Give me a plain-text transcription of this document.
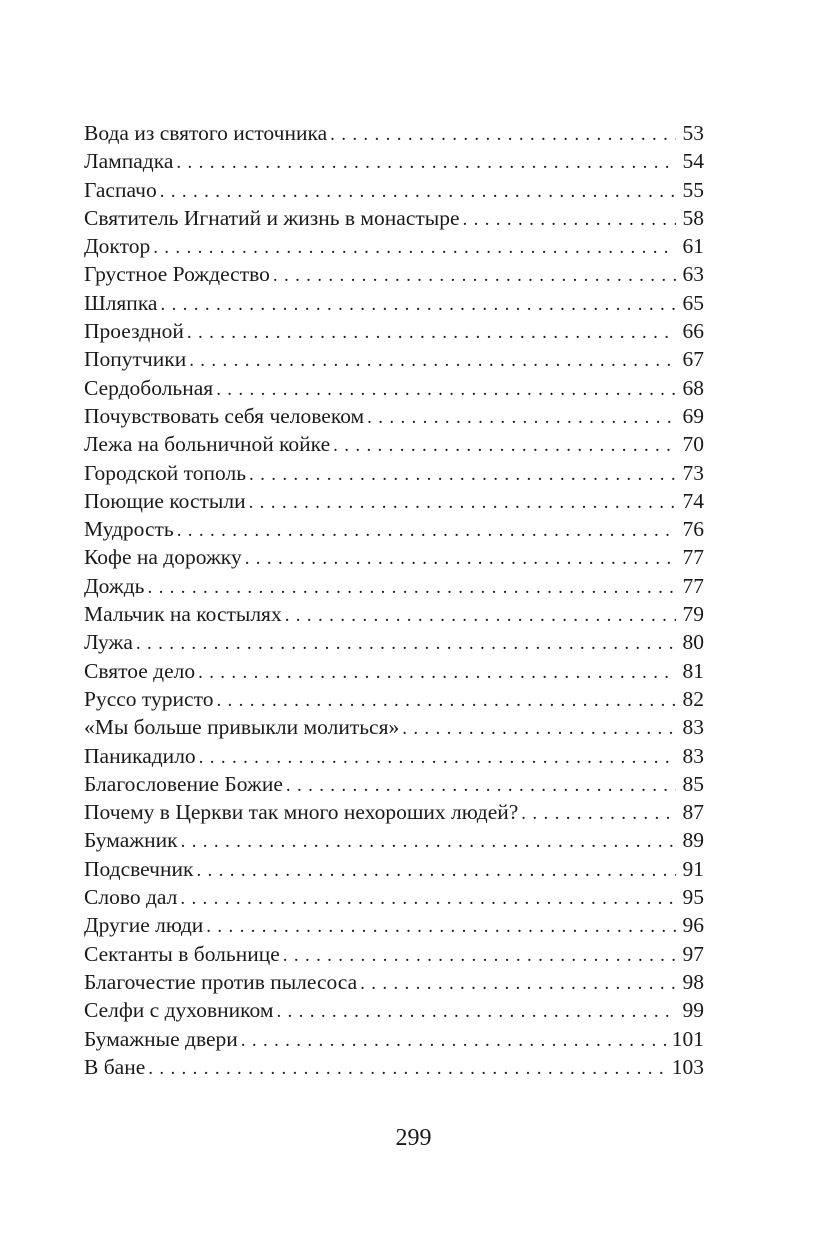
Вода из святого источника . . .	53
Лампадка . . .	54
Гаспачо . . .	55
Святитель Игнатий и жизнь в монастыре . . .	58
Доктор . . .	61
Грустное Рождество . . .	63
Шляпка . . .	65
Проездной . . .	66
Попутчики . . .	67
Сердобольная . . .	68
Почувствовать себя человеком . . .	69
Лежа на больничной койке . . .	70
Городской тополь . . .	73
Поющие костыли . . .	74
Мудрость . . .	76
Кофе на дорожку . . .	77
Дождь . . .	77
Мальчик на костылях . . .	79
Лужа . . .	80
Святое дело . . .	81
Руссо туристо . . .	82
«Мы больше привыкли молиться» . . .	83
Паникадило . . .	83
Благословение Божие . . .	85
Почему в Церкви так много нехороших людей? . . .	87
Бумажник . . .	89
Подсвечник . . .	91
Слово дал . . .	95
Другие люди . . .	96
Сектанты в больнице . . .	97
Благочестие против пылесоса . . .	98
Селфи с духовником . . .	99
Бумажные двери . . .	101
В бане . . .	103
299
